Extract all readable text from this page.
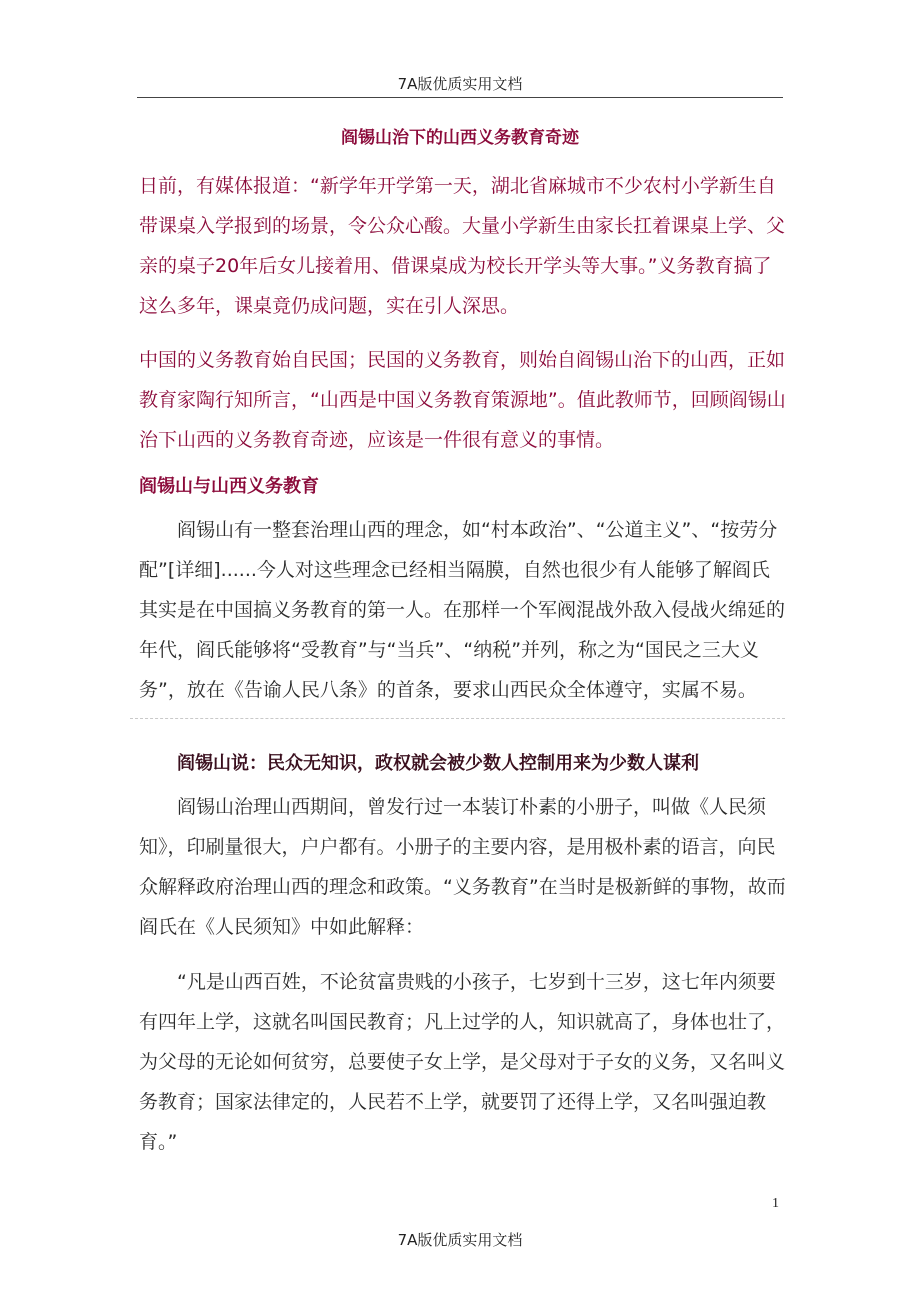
7A版优质实用文档
阎锡山治下的山西义务教育奇迹

日前，有媒体报道：“新学年开学第一天，湖北省麻城市不少农村小学新生自带课桌入学报到的场景，令公众心酸。大量小学新生由家长扛着课桌上学、父亲的桌子20年后女儿接着用、借课桌成为校长开学头等大事。”义务教育搞了这么多年，课桌竟仍成问题，实在引人深思。

中国的义务教育始自民国；民国的义务教育，则始自阎锡山治下的山西，正如教育家陶行知所言，“山西是中国义务教育策源地”。值此教师节，回顾阎锡山治下山西的义务教育奇迹，应该是一件很有意义的事情。

阎锡山与山西义务教育

阎锡山有一整套治理山西的理念，如“村本政治”、“公道主义”、“按劳分配”[详细]......今人对这些理念已经相当隔膜，自然也很少有人能够了解阎氏其实是在中国搞义务教育的第一人。在那样一个军阀混战外敌入侵战火绵延的年代，阎氏能够将“受教育”与“当兵”、“纳税”并列，称之为“国民之三大义务”，放在《告谕人民八条》的首条，要求山西民众全体遵守，实属不易。

阎锡山说：民众无知识，政权就会被少数人控制用来为少数人谋利

阎锡山治理山西期间，曾发行过一本装订朴素的小册子，叫做《人民须知》，印刷量很大，户户都有。小册子的主要内容，是用极朴素的语言，向民众解释政府治理山西的理念和政策。“义务教育”在当时是极新鲜的事物，故而阎氏在《人民须知》中如此解释：

“凡是山西百姓，不论贫富贵贱的小孩子，七岁到十三岁，这七年内须要有四年上学，这就名叫国民教育；凡上过学的人，知识就高了，身体也壮了，为父母的无论如何贫穷，总要使子女上学，是父母对于子女的义务，又名叫义务教育；国家法律定的，人民若不上学，就要罚了还得上学，又名叫强迫教育。”

1
7A版优质实用文档
